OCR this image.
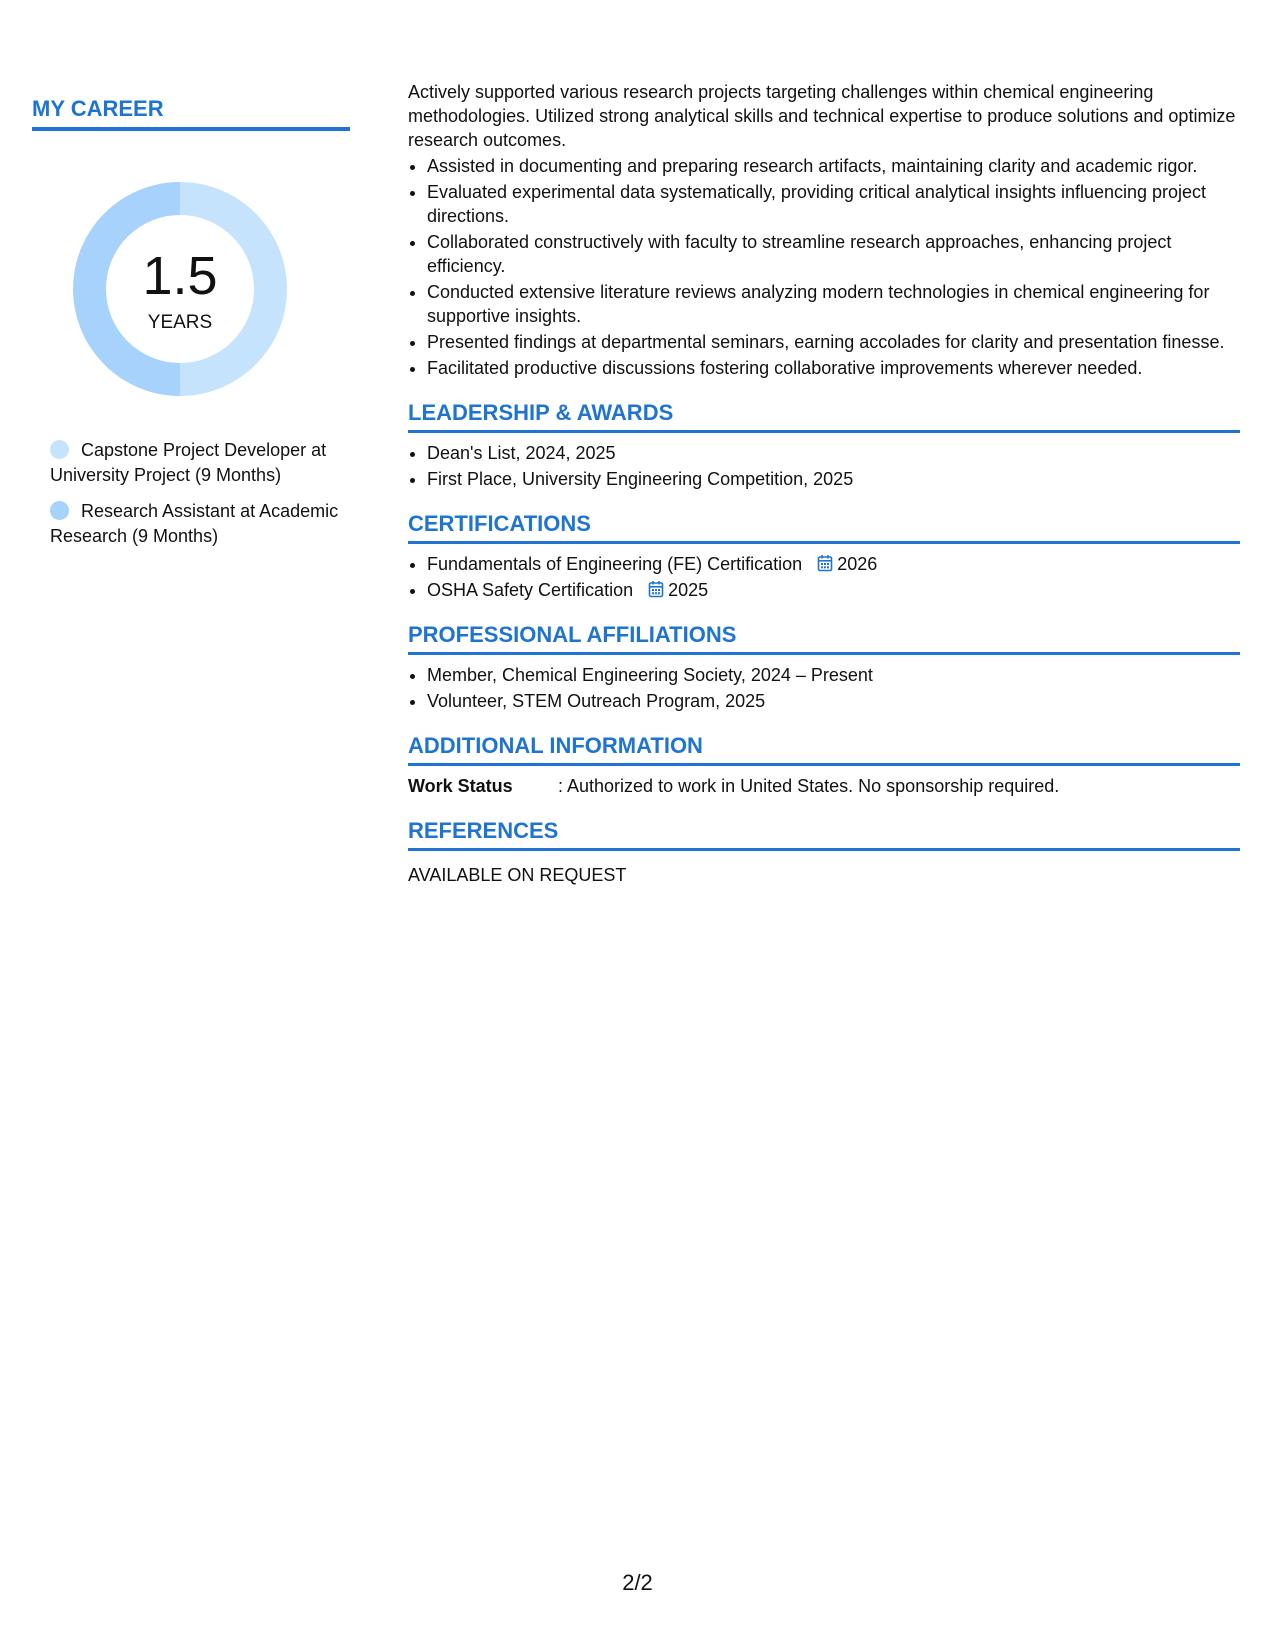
MY CAREER
1.5
YEARS
Capstone Project Developer at University Project (9 Months)
Research Assistant at Academic Research (9 Months)

Actively supported various research projects targeting challenges within chemical engineering methodologies. Utilized strong analytical skills and technical expertise to produce solutions and optimize research outcomes.

• Assisted in documenting and preparing research artifacts, maintaining clarity and academic rigor.
• Evaluated experimental data systematically, providing critical analytical insights influencing project directions.
• Collaborated constructively with faculty to streamline research approaches, enhancing project efficiency.
• Conducted extensive literature reviews analyzing modern technologies in chemical engineering for supportive insights.
• Presented findings at departmental seminars, earning accolades for clarity and presentation finesse.
• Facilitated productive discussions fostering collaborative improvements wherever needed.
LEADERSHIP & AWARDS
• Dean's List, 2024, 2025
• First Place, University Engineering Competition, 2025
CERTIFICATIONS
• Fundamentals of Engineering (FE) Certification 2026
• OSHA Safety Certification 2025
PROFESSIONAL AFFILIATIONS
• Member, Chemical Engineering Society, 2024 – Present
• Volunteer, STEM Outreach Program, 2025
ADDITIONAL INFORMATION
Work Status	: Authorized to work in United States. No sponsorship required.
REFERENCES
AVAILABLE ON REQUEST
2/2
